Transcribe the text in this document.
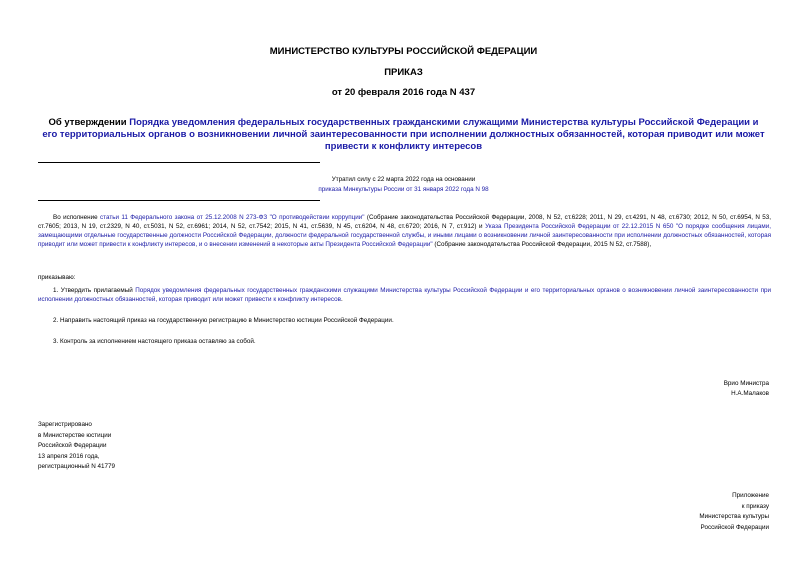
МИНИСТЕРСТВО КУЛЬТУРЫ РОССИЙСКОЙ ФЕДЕРАЦИИ
ПРИКАЗ
от 20 февраля 2016 года N 437
Об утверждении Порядка уведомления федеральных государственных гражданскими служащими Министерства культуры Российской Федерации и его территориальных органов о возникновении личной заинтересованности при исполнении должностных обязанностей, которая приводит или может привести к конфликту интересов
Утратил силу с 22 марта 2022 года на основании
приказа Минкультуры России от 31 января 2022 года N 98
Во исполнение статьи 11 Федерального закона от 25.12.2008 N 273-ФЗ "О противодействии коррупции" (Собрание законодательства Российской Федерации, 2008, N 52, ст.6228; 2011, N 29, ст.4291, N 48, ст.6730; 2012, N 50, ст.6954, N 53, ст.7605; 2013, N 19, ст.2329, N 40, ст.5031, N 52, ст.6961; 2014, N 52, ст.7542; 2015, N 41, ст.5639, N 45, ст.6204, N 48, ст.6720; 2016, N 7, ст.912) и Указа Президента Российской Федерации от 22.12.2015 N 650 "О порядке сообщения лицами, замещающими отдельные государственные должности Российской Федерации, должности федеральной государственной службы, и иными лицами о возникновении личной заинтересованности при исполнении должностных обязанностей, которая приводит или может привести к конфликту интересов, и о внесении изменений в некоторые акты Президента Российской Федерации" (Собрание законодательства Российской Федерации, 2015 N 52, ст.7588),
приказываю:
1. Утвердить прилагаемый Порядок уведомления федеральных государственных гражданскими служащими Министерства культуры Российской Федерации и его территориальных органов о возникновении личной заинтересованности при исполнении должностных обязанностей, которая приводит или может привести к конфликту интересов.
2. Направить настоящий приказ на государственную регистрацию в Министерство юстиции Российской Федерации.
3. Контроль за исполнением настоящего приказа оставляю за собой.
Врио Министра
Н.А.Малаков
Зарегистрировано
в Министерстве юстиции
Российской Федерации
13 апреля 2016 года,
регистрационный N 41779
Приложение
к приказу
Министерства культуры
Российской Федерации
